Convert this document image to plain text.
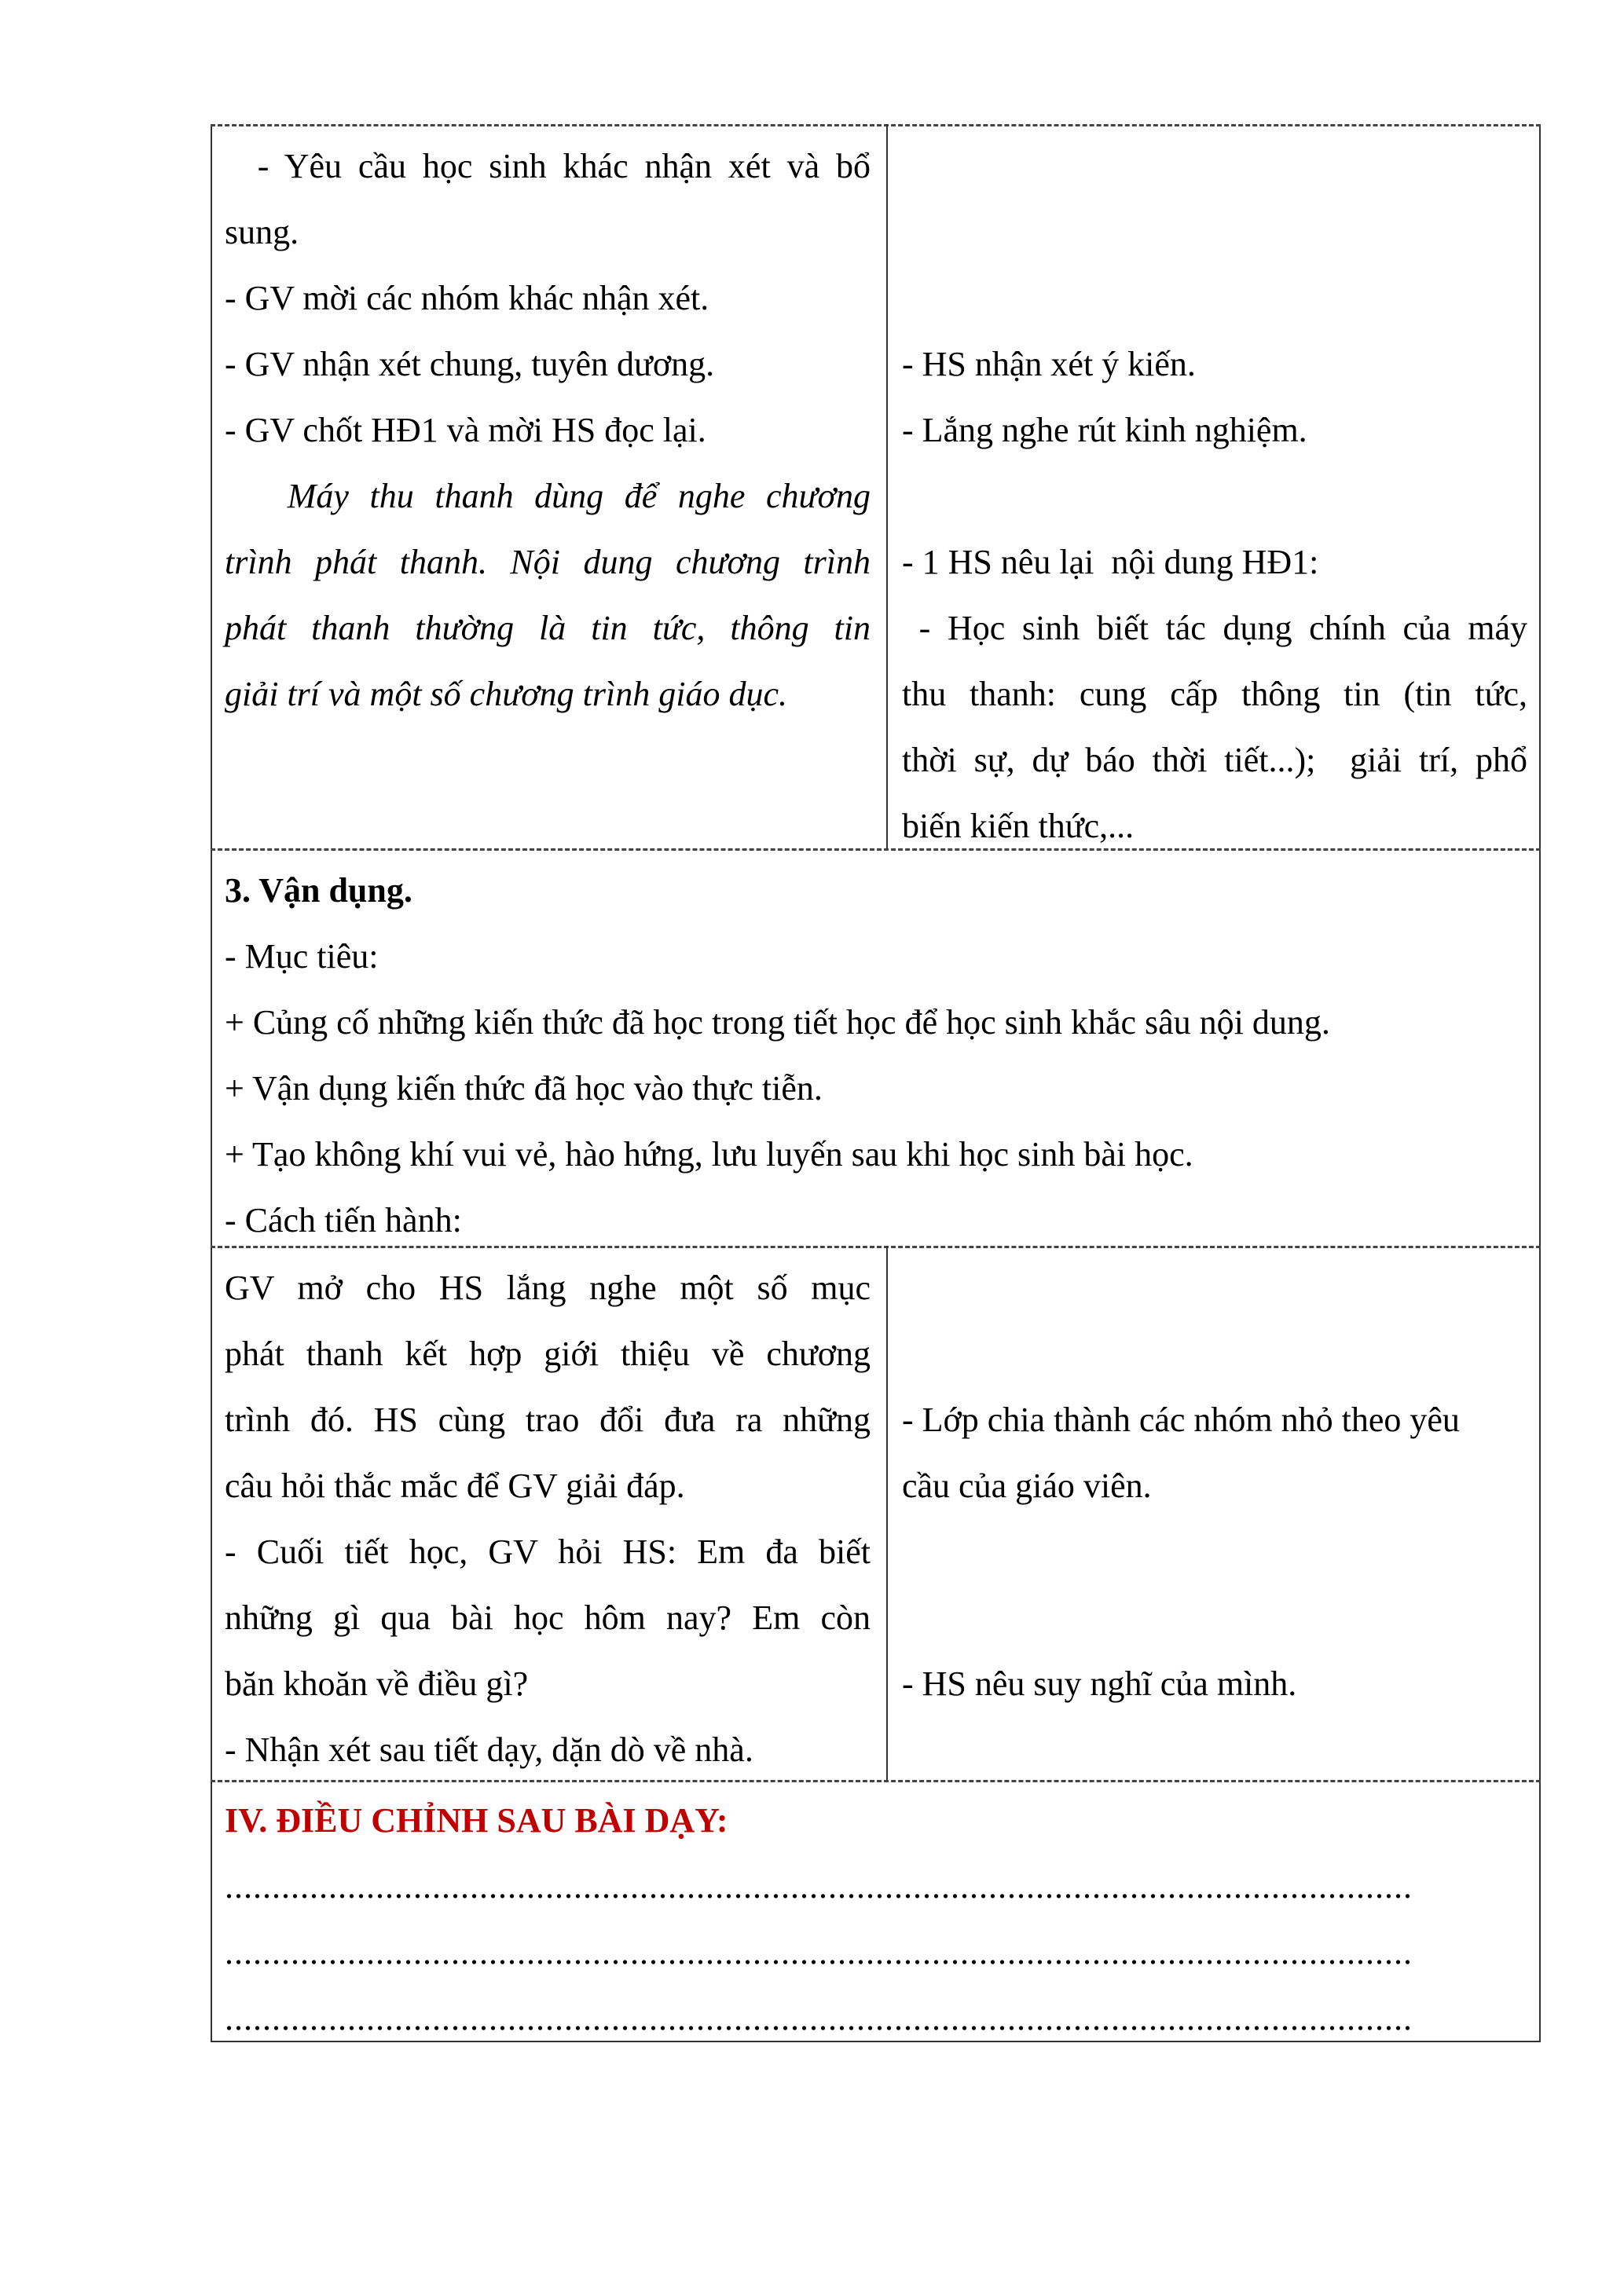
- Yêu cầu học sinh khác nhận xét và bổ
sung.
- GV mời các nhóm khác nhận xét.
- GV nhận xét chung, tuyên dương.
- GV chốt HĐ1 và mời HS đọc lại.
Máy thu thanh dùng để nghe chương
trình phát thanh. Nội dung chương trình
phát thanh thường là tin tức, thông tin
giải trí và một số chương trình giáo dục.
- HS nhận xét ý kiến.
- Lắng nghe rút kinh nghiệm.
- 1 HS nêu lại  nội dung HĐ1:
- Học sinh biết tác dụng chính của máy
thu thanh: cung cấp thông tin (tin tức,
thời sự, dự báo thời tiết...);  giải trí, phổ
biến kiến thức,...
3. Vận dụng.
- Mục tiêu:
+ Củng cố những kiến thức đã học trong tiết học để học sinh khắc sâu nội dung.
+ Vận dụng kiến thức đã học vào thực tiễn.
+ Tạo không khí vui vẻ, hào hứng, lưu luyến sau khi học sinh bài học.
- Cách tiến hành:
GV mở cho HS lắng nghe một số mục
phát thanh kết hợp giới thiệu về chương
trình đó. HS cùng trao đổi đưa ra những
câu hỏi thắc mắc để GV giải đáp.
- Cuối tiết học, GV hỏi HS: Em đa biết
những gì qua bài học hôm nay? Em còn
băn khoăn về điều gì?
- Nhận xét sau tiết dạy, dặn dò về nhà.
- Lớp chia thành các nhóm nhỏ theo yêu
cầu của giáo viên.
- HS nêu suy nghĩ của mình.
IV. ĐIỀU CHỈNH SAU BÀI DẠY:
..............................................................................................................................
..............................................................................................................................
..............................................................................................................................
